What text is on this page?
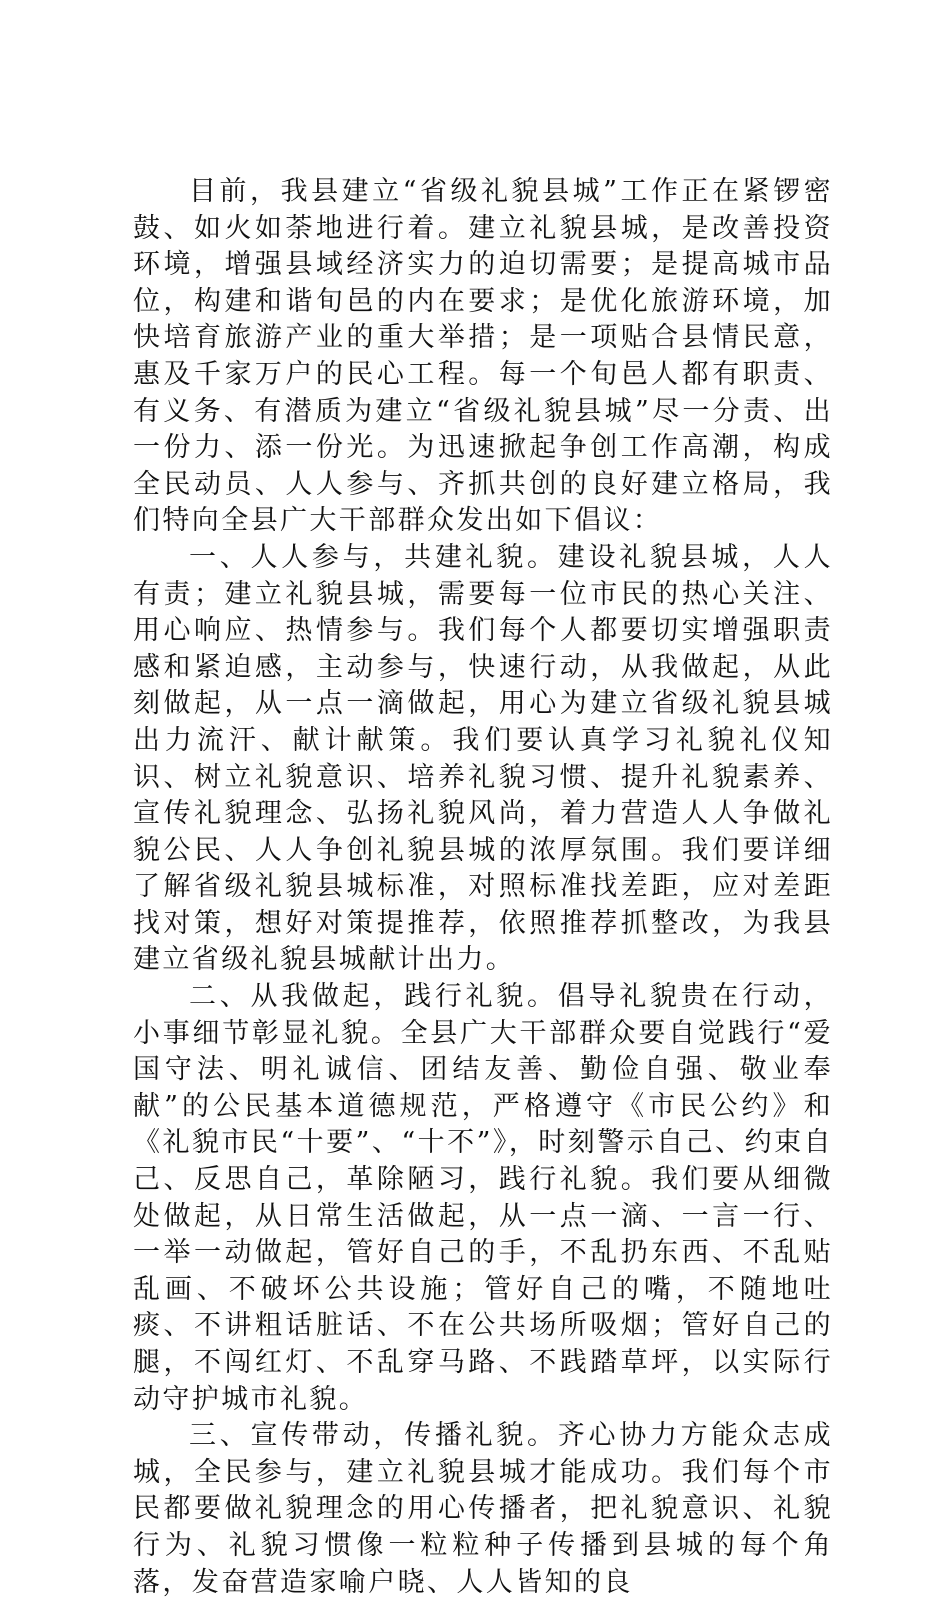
目前，我县建立“省级礼貌县城”工作正在紧锣密鼓、如火如荼地进行着。建立礼貌县城，是改善投资环境，增强县域经济实力的迫切需要；是提高城市品位，构建和谐旬邑的内在要求；是优化旅游环境，加快培育旅游产业的重大举措；是一项贴合县情民意，惠及千家万户的民心工程。每一个旬邑人都有职责、有义务、有潜质为建立“省级礼貌县城”尽一分责、出一份力、添一份光。为迅速掀起争创工作高潮，构成全民动员、人人参与、齐抓共创的良好建立格局，我们特向全县广大干部群众发出如下倡议：

一、人人参与，共建礼貌。建设礼貌县城，人人有责；建立礼貌县城，需要每一位市民的热心关注、用心响应、热情参与。我们每个人都要切实增强职责感和紧迫感，主动参与，快速行动，从我做起，从此刻做起，从一点一滴做起，用心为建立省级礼貌县城出力流汗、献计献策。我们要认真学习礼貌礼仪知识、树立礼貌意识、培养礼貌习惯、提升礼貌素养、宣传礼貌理念、弘扬礼貌风尚，着力营造人人争做礼貌公民、人人争创礼貌县城的浓厚氛围。我们要详细了解省级礼貌县城标准，对照标准找差距，应对差距找对策，想好对策提推荐，依照推荐抓整改，为我县建立省级礼貌县城献计出力。

二、从我做起，践行礼貌。倡导礼貌贵在行动，小事细节彰显礼貌。全县广大干部群众要自觉践行“爱国守法、明礼诚信、团结友善、勤俭自强、敬业奉献”的公民基本道德规范，严格遵守《市民公约》和《礼貌市民“十要”、“十不”》，时刻警示自己、约束自己、反思自己，革除陋习，践行礼貌。我们要从细微处做起，从日常生活做起，从一点一滴、一言一行、一举一动做起，管好自己的手，不乱扔东西、不乱贴乱画、不破坏公共设施；管好自己的嘴，不随地吐痰、不讲粗话脏话、不在公共场所吸烟；管好自己的腿，不闯红灯、不乱穿马路、不践踏草坪，以实际行动守护城市礼貌。

三、宣传带动，传播礼貌。齐心协力方能众志成城，全民参与，建立礼貌县城才能成功。我们每个市民都要做礼貌理念的用心传播者，把礼貌意识、礼貌行为、礼貌习惯像一粒粒种子传播到县城的每个角落，发奋营造家喻户晓、人人皆知的良
